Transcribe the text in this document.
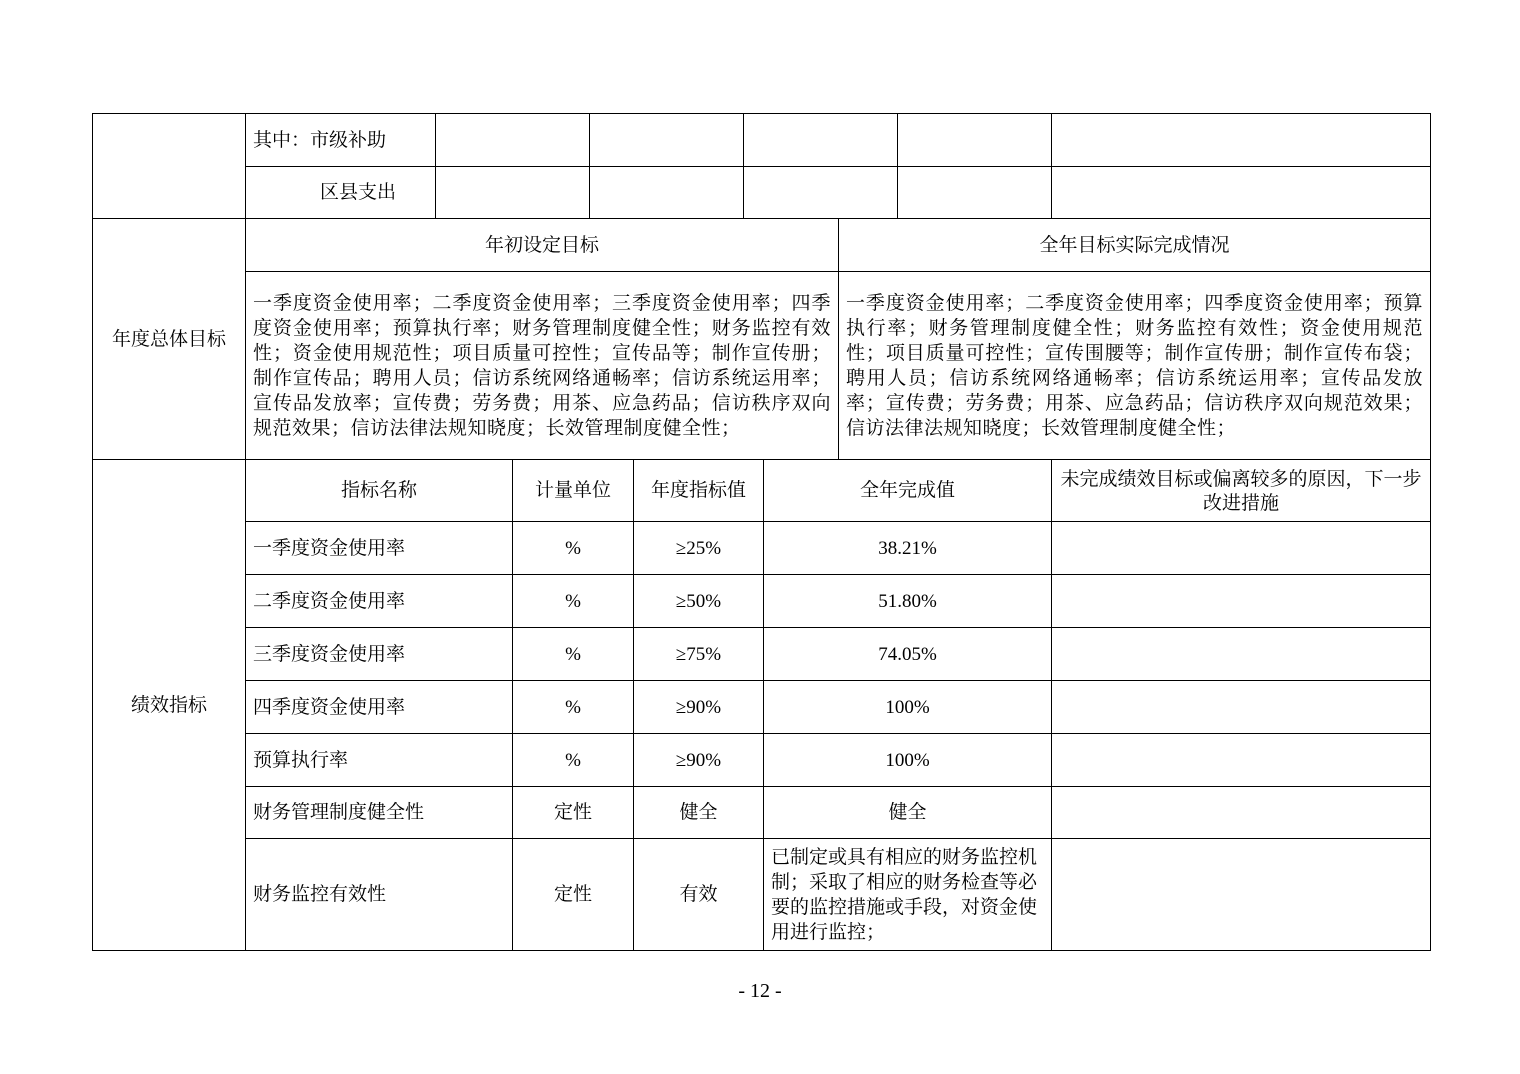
	其中：市级补助					
	区县支出					
年度总体目标	年初设定目标	全年目标实际完成情况
	一季度资金使用率；二季度资金使用率；三季度资金使用率；四季度资金使用率；预算执行率；财务管理制度健全性；财务监控有效性；资金使用规范性；项目质量可控性；宣传品等；制作宣传册；制作宣传品；聘用人员；信访系统网络通畅率；信访系统运用率；宣传品发放率；宣传费；劳务费；用茶、应急药品；信访秩序双向规范效果；信访法律法规知晓度；长效管理制度健全性；	一季度资金使用率；二季度资金使用率；四季度资金使用率；预算执行率；财务管理制度健全性；财务监控有效性；资金使用规范性；项目质量可控性；宣传围腰等；制作宣传册；制作宣传布袋；聘用人员；信访系统网络通畅率；信访系统运用率；宣传品发放率；宣传费；劳务费；用茶、应急药品；信访秩序双向规范效果；信访法律法规知晓度；长效管理制度健全性；
绩效指标	指标名称	计量单位	年度指标值	全年完成值	未完成绩效目标或偏离较多的原因，下一步改进措施
	一季度资金使用率	%	≥25%	38.21%	
	二季度资金使用率	%	≥50%	51.80%	
	三季度资金使用率	%	≥75%	74.05%	
	四季度资金使用率	%	≥90%	100%	
	预算执行率	%	≥90%	100%	
	财务管理制度健全性	定性	健全	健全	
	财务监控有效性	定性	有效	已制定或具有相应的财务监控机制；采取了相应的财务检查等必要的监控措施或手段，对资金使用进行监控；	
- 12 -
